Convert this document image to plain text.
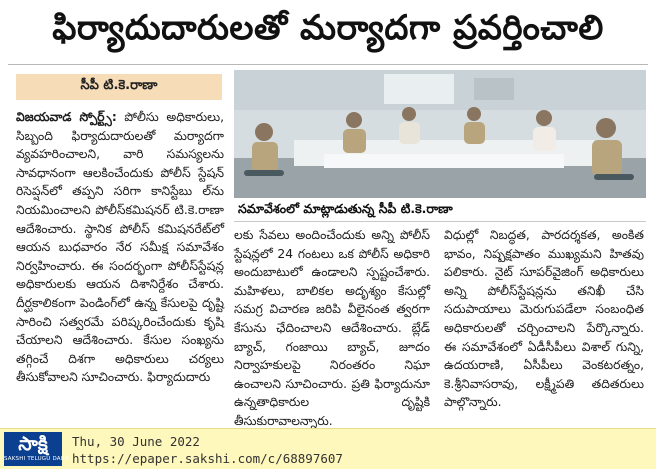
ఫిర్యాదుదారులతో మర్యాదగా ప్రవర్తించాలి
సీపీ టి.కె.రాణా
విజయవాడ స్పోర్ట్స్: పోలీసు అధికారులు, సిబ్బంది ఫిర్యాదుదారులతో మర్యాదగా వ్యవహరించాలని, వారి సమస్యలను సావధానంగా ఆలకించేందుకు పోలీస్ స్టేషన్ రిసెప్షన్‌లో తప్పని సరిగా కానిస్టేబు ల్‌ను నియమించాలని పోలీస్‌కమిషనర్ టి.కె.రాణా ఆదేశించారు. స్థానిక పోలీస్ కమిషనరేట్‌లో ఆయన బుధవారం నేర సమీక్ష సమావేశం నిర్వహించారు. ఈ సందర్భంగా పోలీస్‌స్టేషన్ల అధికారులకు ఆయన దిశానిర్దేశం చేశారు. దీర్ఘకాలికంగా పెండింగ్‌లో ఉన్న కేసులపై దృష్టి సారించి సత్వరమే పరిష్కరించేందుకు కృషి చేయాలని ఆదేశించారు. కేసుల సంఖ్యను తగ్గించే దిశగా అధికారులు చర్యలు తీసుకోవాలని సూచించారు. ఫిర్యాదుదారు
సమావేశంలో మాట్లాడుతున్న సీపీ టి.కె.రాణా
లకు సేవలు అందించేందుకు అన్ని పోలీస్ స్టేషన్లలో 24 గంటలు ఒక పోలీస్ అధికారి అందుబాటులో ఉండాలని స్పష్టంచేశారు. మహిళలు, బాలికల అదృశ్యం కేసుల్లో సమగ్ర విచారణ జరిపి వీలైనంత త్వరగా కేసును ఛేదించాలని ఆదేశించారు. బ్లేడ్ బ్యాచ్, గంజాయి బ్యాచ్, జూదం నిర్వాహకులపై నిరంతరం నిఘా ఉంచాలని సూచించారు. ప్రతి ఫిర్యాదునూ ఉన్నతాధికారుల దృష్టికి తీసుకురావాలన్నారు.
విధుల్లో నిబద్ధత, పారదర్శకత, అంకిత భావం, నిష్పక్షపాతం ముఖ్యమని హితవు పలికారు. నైట్ సూపర్‌వైజింగ్ అధికారులు అన్ని పోలీస్‌స్టేషన్లను తనిఖీ చేసి సదుపాయాలు మెరుగుపడేలా సంబంధిత అధికారులతో చర్చించాలని పేర్కొన్నారు. ఈ సమావేశంలో ఏడీసీపీలు విశాల్ గున్ని, ఉదయరాణి, ఏసీపీలు వెంకటరత్నం, కె.శ్రీనివాసరావు, లక్ష్మీపతి తదితరులు పాల్గొన్నారు.
సాక్షి
SAKSHI TELUGU DAILY
Thu, 30 June 2022
https://epaper.sakshi.com/c/68897607
